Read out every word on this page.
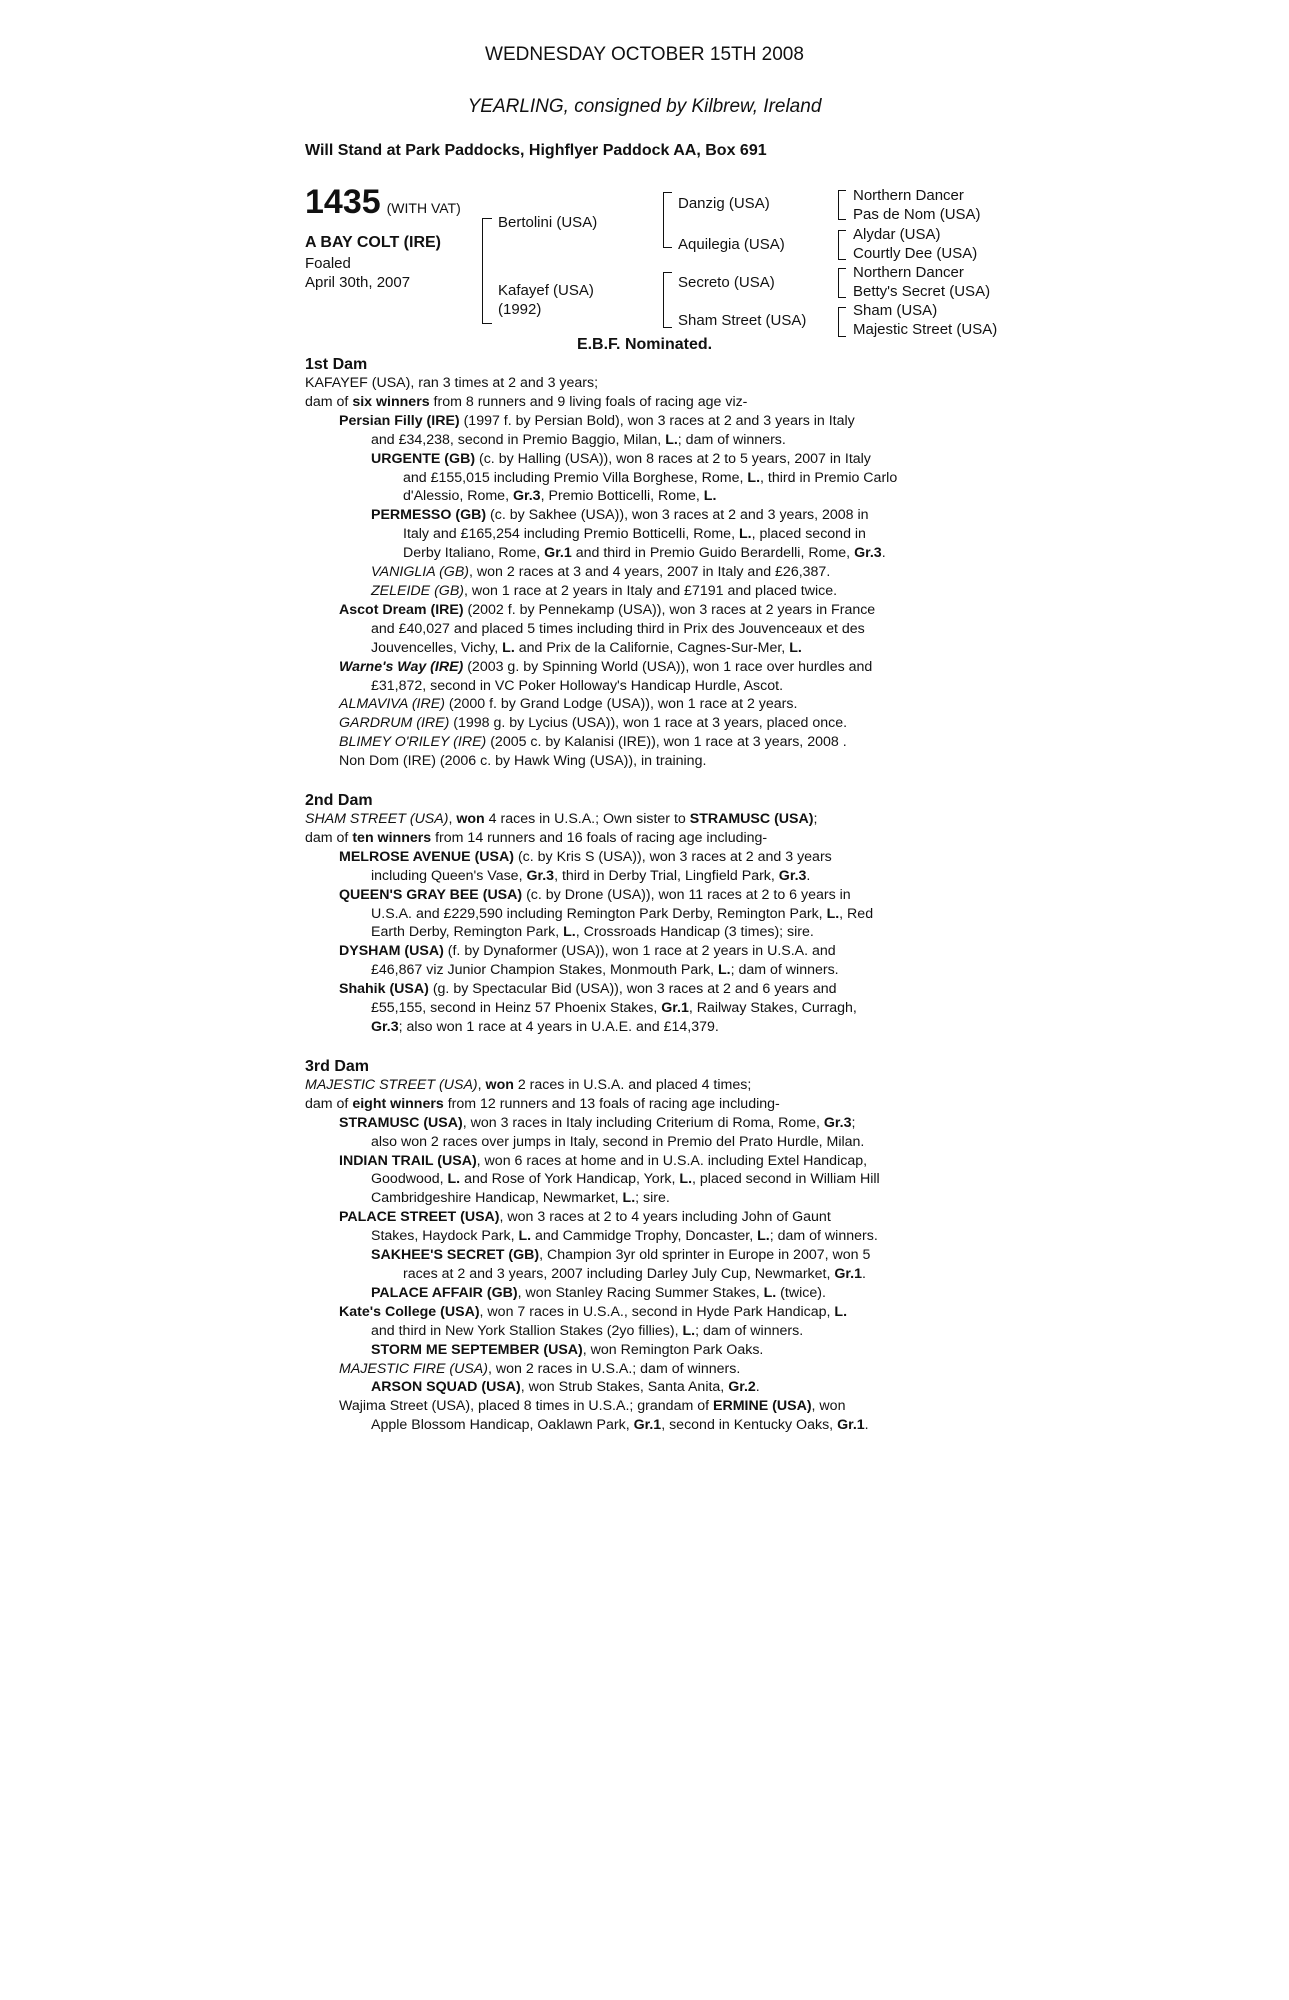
WEDNESDAY OCTOBER 15TH 2008
YEARLING, consigned by Kilbrew, Ireland
Will Stand at Park Paddocks, Highflyer Paddock AA, Box 691
1435 (WITH VAT)
A BAY COLT (IRE)
Foaled
April 30th, 2007
Bertolini (USA)
Kafayef (USA)
(1992)
Danzig (USA)
Aquilegia (USA)
Secreto (USA)
Sham Street (USA)
Northern Dancer
Pas de Nom (USA)
Alydar (USA)
Courtly Dee (USA)
Northern Dancer
Betty's Secret (USA)
Sham (USA)
Majestic Street (USA)
E.B.F. Nominated.

1st Dam

KAFAYEF (USA), ran 3 times at 2 and 3 years;

dam of six winners from 8 runners and 9 living foals of racing age viz-

Persian Filly (IRE) (1997 f. by Persian Bold), won 3 races at 2 and 3 years in Italy

and £34,238, second in Premio Baggio, Milan, L.; dam of winners.

URGENTE (GB) (c. by Halling (USA)), won 8 races at 2 to 5 years, 2007 in Italy

and £155,015 including Premio Villa Borghese, Rome, L., third in Premio Carlo

d'Alessio, Rome, Gr.3, Premio Botticelli, Rome, L.

PERMESSO (GB) (c. by Sakhee (USA)), won 3 races at 2 and 3 years, 2008 in

Italy and £165,254 including Premio Botticelli, Rome, L., placed second in

Derby Italiano, Rome, Gr.1 and third in Premio Guido Berardelli, Rome, Gr.3.

VANIGLIA (GB), won 2 races at 3 and 4 years, 2007 in Italy and £26,387.

ZELEIDE (GB), won 1 race at 2 years in Italy and £7191 and placed twice.

Ascot Dream (IRE) (2002 f. by Pennekamp (USA)), won 3 races at 2 years in France

and £40,027 and placed 5 times including third in Prix des Jouvenceaux et des

Jouvencelles, Vichy, L. and Prix de la Californie, Cagnes-Sur-Mer, L.

Warne's Way (IRE) (2003 g. by Spinning World (USA)), won 1 race over hurdles and

£31,872, second in VC Poker Holloway's Handicap Hurdle, Ascot.

ALMAVIVA (IRE) (2000 f. by Grand Lodge (USA)), won 1 race at 2 years.

GARDRUM (IRE) (1998 g. by Lycius (USA)), won 1 race at 3 years, placed once.

BLIMEY O'RILEY (IRE) (2005 c. by Kalanisi (IRE)), won 1 race at 3 years, 2008 .

Non Dom (IRE) (2006 c. by Hawk Wing (USA)), in training.

2nd Dam

SHAM STREET (USA), won 4 races in U.S.A.; Own sister to STRAMUSC (USA);

dam of ten winners from 14 runners and 16 foals of racing age including-

MELROSE AVENUE (USA) (c. by Kris S (USA)), won 3 races at 2 and 3 years

including Queen's Vase, Gr.3, third in Derby Trial, Lingfield Park, Gr.3.

QUEEN'S GRAY BEE (USA) (c. by Drone (USA)), won 11 races at 2 to 6 years in

U.S.A. and £229,590 including Remington Park Derby, Remington Park, L., Red

Earth Derby, Remington Park, L., Crossroads Handicap (3 times); sire.

DYSHAM (USA) (f. by Dynaformer (USA)), won 1 race at 2 years in U.S.A. and

£46,867 viz Junior Champion Stakes, Monmouth Park, L.; dam of winners.

Shahik (USA) (g. by Spectacular Bid (USA)), won 3 races at 2 and 6 years and

£55,155, second in Heinz 57 Phoenix Stakes, Gr.1, Railway Stakes, Curragh,

Gr.3; also won 1 race at 4 years in U.A.E. and £14,379.

3rd Dam

MAJESTIC STREET (USA), won 2 races in U.S.A. and placed 4 times;

dam of eight winners from 12 runners and 13 foals of racing age including-

STRAMUSC (USA), won 3 races in Italy including Criterium di Roma, Rome, Gr.3;

also won 2 races over jumps in Italy, second in Premio del Prato Hurdle, Milan.

INDIAN TRAIL (USA), won 6 races at home and in U.S.A. including Extel Handicap,

Goodwood, L. and Rose of York Handicap, York, L., placed second in William Hill

Cambridgeshire Handicap, Newmarket, L.; sire.

PALACE STREET (USA), won 3 races at 2 to 4 years including John of Gaunt

Stakes, Haydock Park, L. and Cammidge Trophy, Doncaster, L.; dam of winners.

SAKHEE'S SECRET (GB), Champion 3yr old sprinter in Europe in 2007, won 5

races at 2 and 3 years, 2007 including Darley July Cup, Newmarket, Gr.1.

PALACE AFFAIR (GB), won Stanley Racing Summer Stakes, L. (twice).

Kate's College (USA), won 7 races in U.S.A., second in Hyde Park Handicap, L.

and third in New York Stallion Stakes (2yo fillies), L.; dam of winners.

STORM ME SEPTEMBER (USA), won Remington Park Oaks.

MAJESTIC FIRE (USA), won 2 races in U.S.A.; dam of winners.

ARSON SQUAD (USA), won Strub Stakes, Santa Anita, Gr.2.

Wajima Street (USA), placed 8 times in U.S.A.; grandam of ERMINE (USA), won

Apple Blossom Handicap, Oaklawn Park, Gr.1, second in Kentucky Oaks, Gr.1.
